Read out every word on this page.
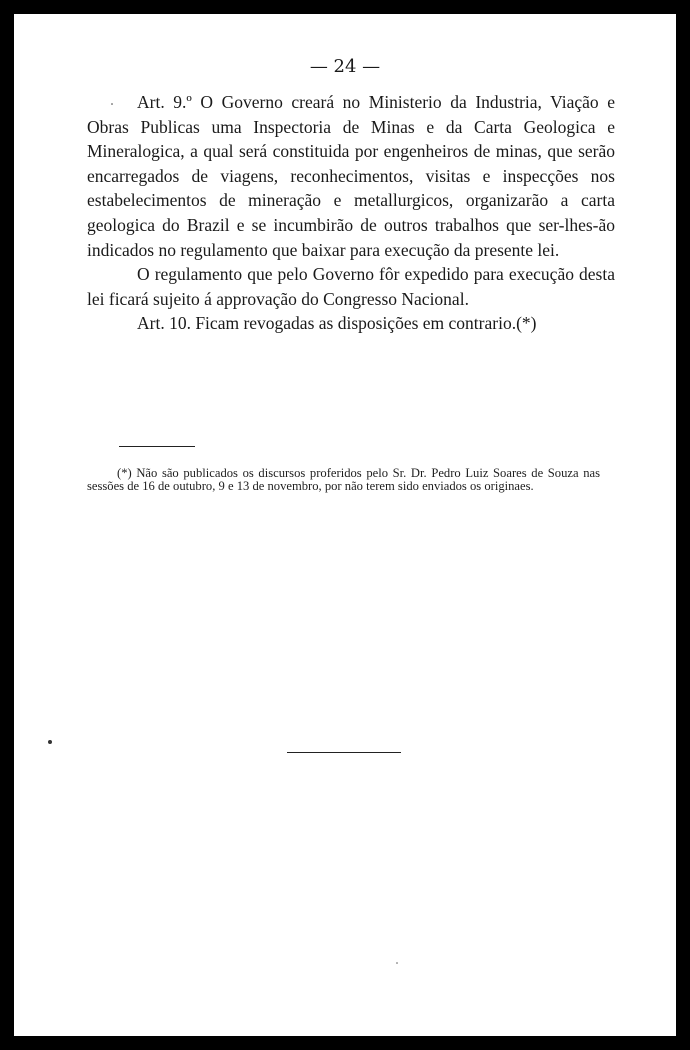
— 24 —

Art. 9.º O Governo creará no Ministerio da Industria, Viação e Obras Publicas uma Inspectoria de Minas e da Carta Geologica e Mineralogica, a qual será constituida por engenheiros de minas, que serão encarregados de viagens, reconhecimentos, visitas e inspecções nos estabelecimentos de mineração e metallurgicos, organizarão a carta geologica do Brazil e se incumbirão de outros trabalhos que ser-lhes-ão indicados no regulamento que baixar para execução da presente lei.

O regulamento que pelo Governo fôr expedido para execução desta lei ficará sujeito á approvação do Congresso Nacional.

Art. 10. Ficam revogadas as disposições em contrario.(*)

(*) Não são publicados os discursos proferidos pelo Sr. Dr. Pedro Luiz Soares de Souza nas sessões de 16 de outubro, 9 e 13 de novembro, por não terem sido enviados os originaes.
